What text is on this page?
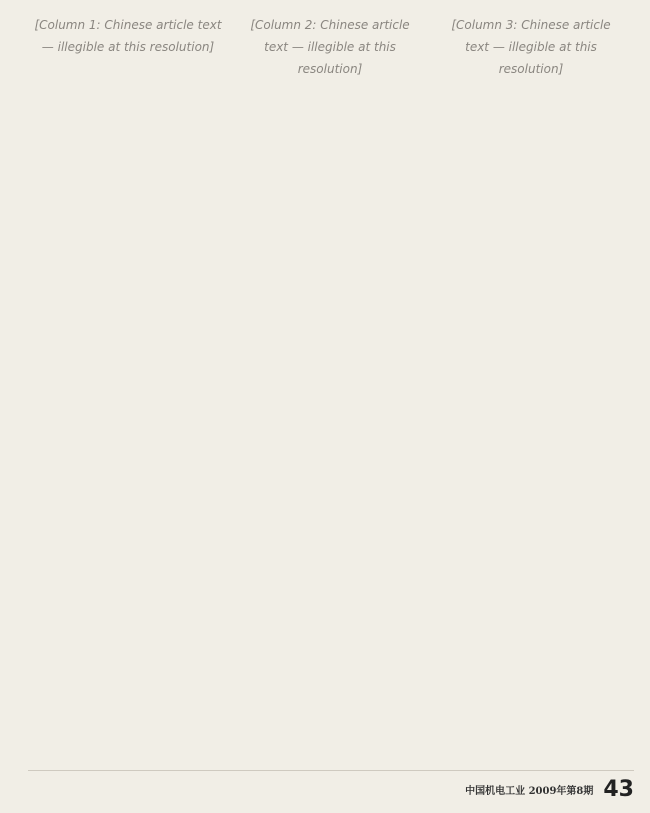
[Column 1: Chinese article text — illegible at this resolution]
[Column 2: Chinese article text — illegible at this resolution]
[Column 3: Chinese article text — illegible at this resolution]
中国机电工业 2009年第8期 43
